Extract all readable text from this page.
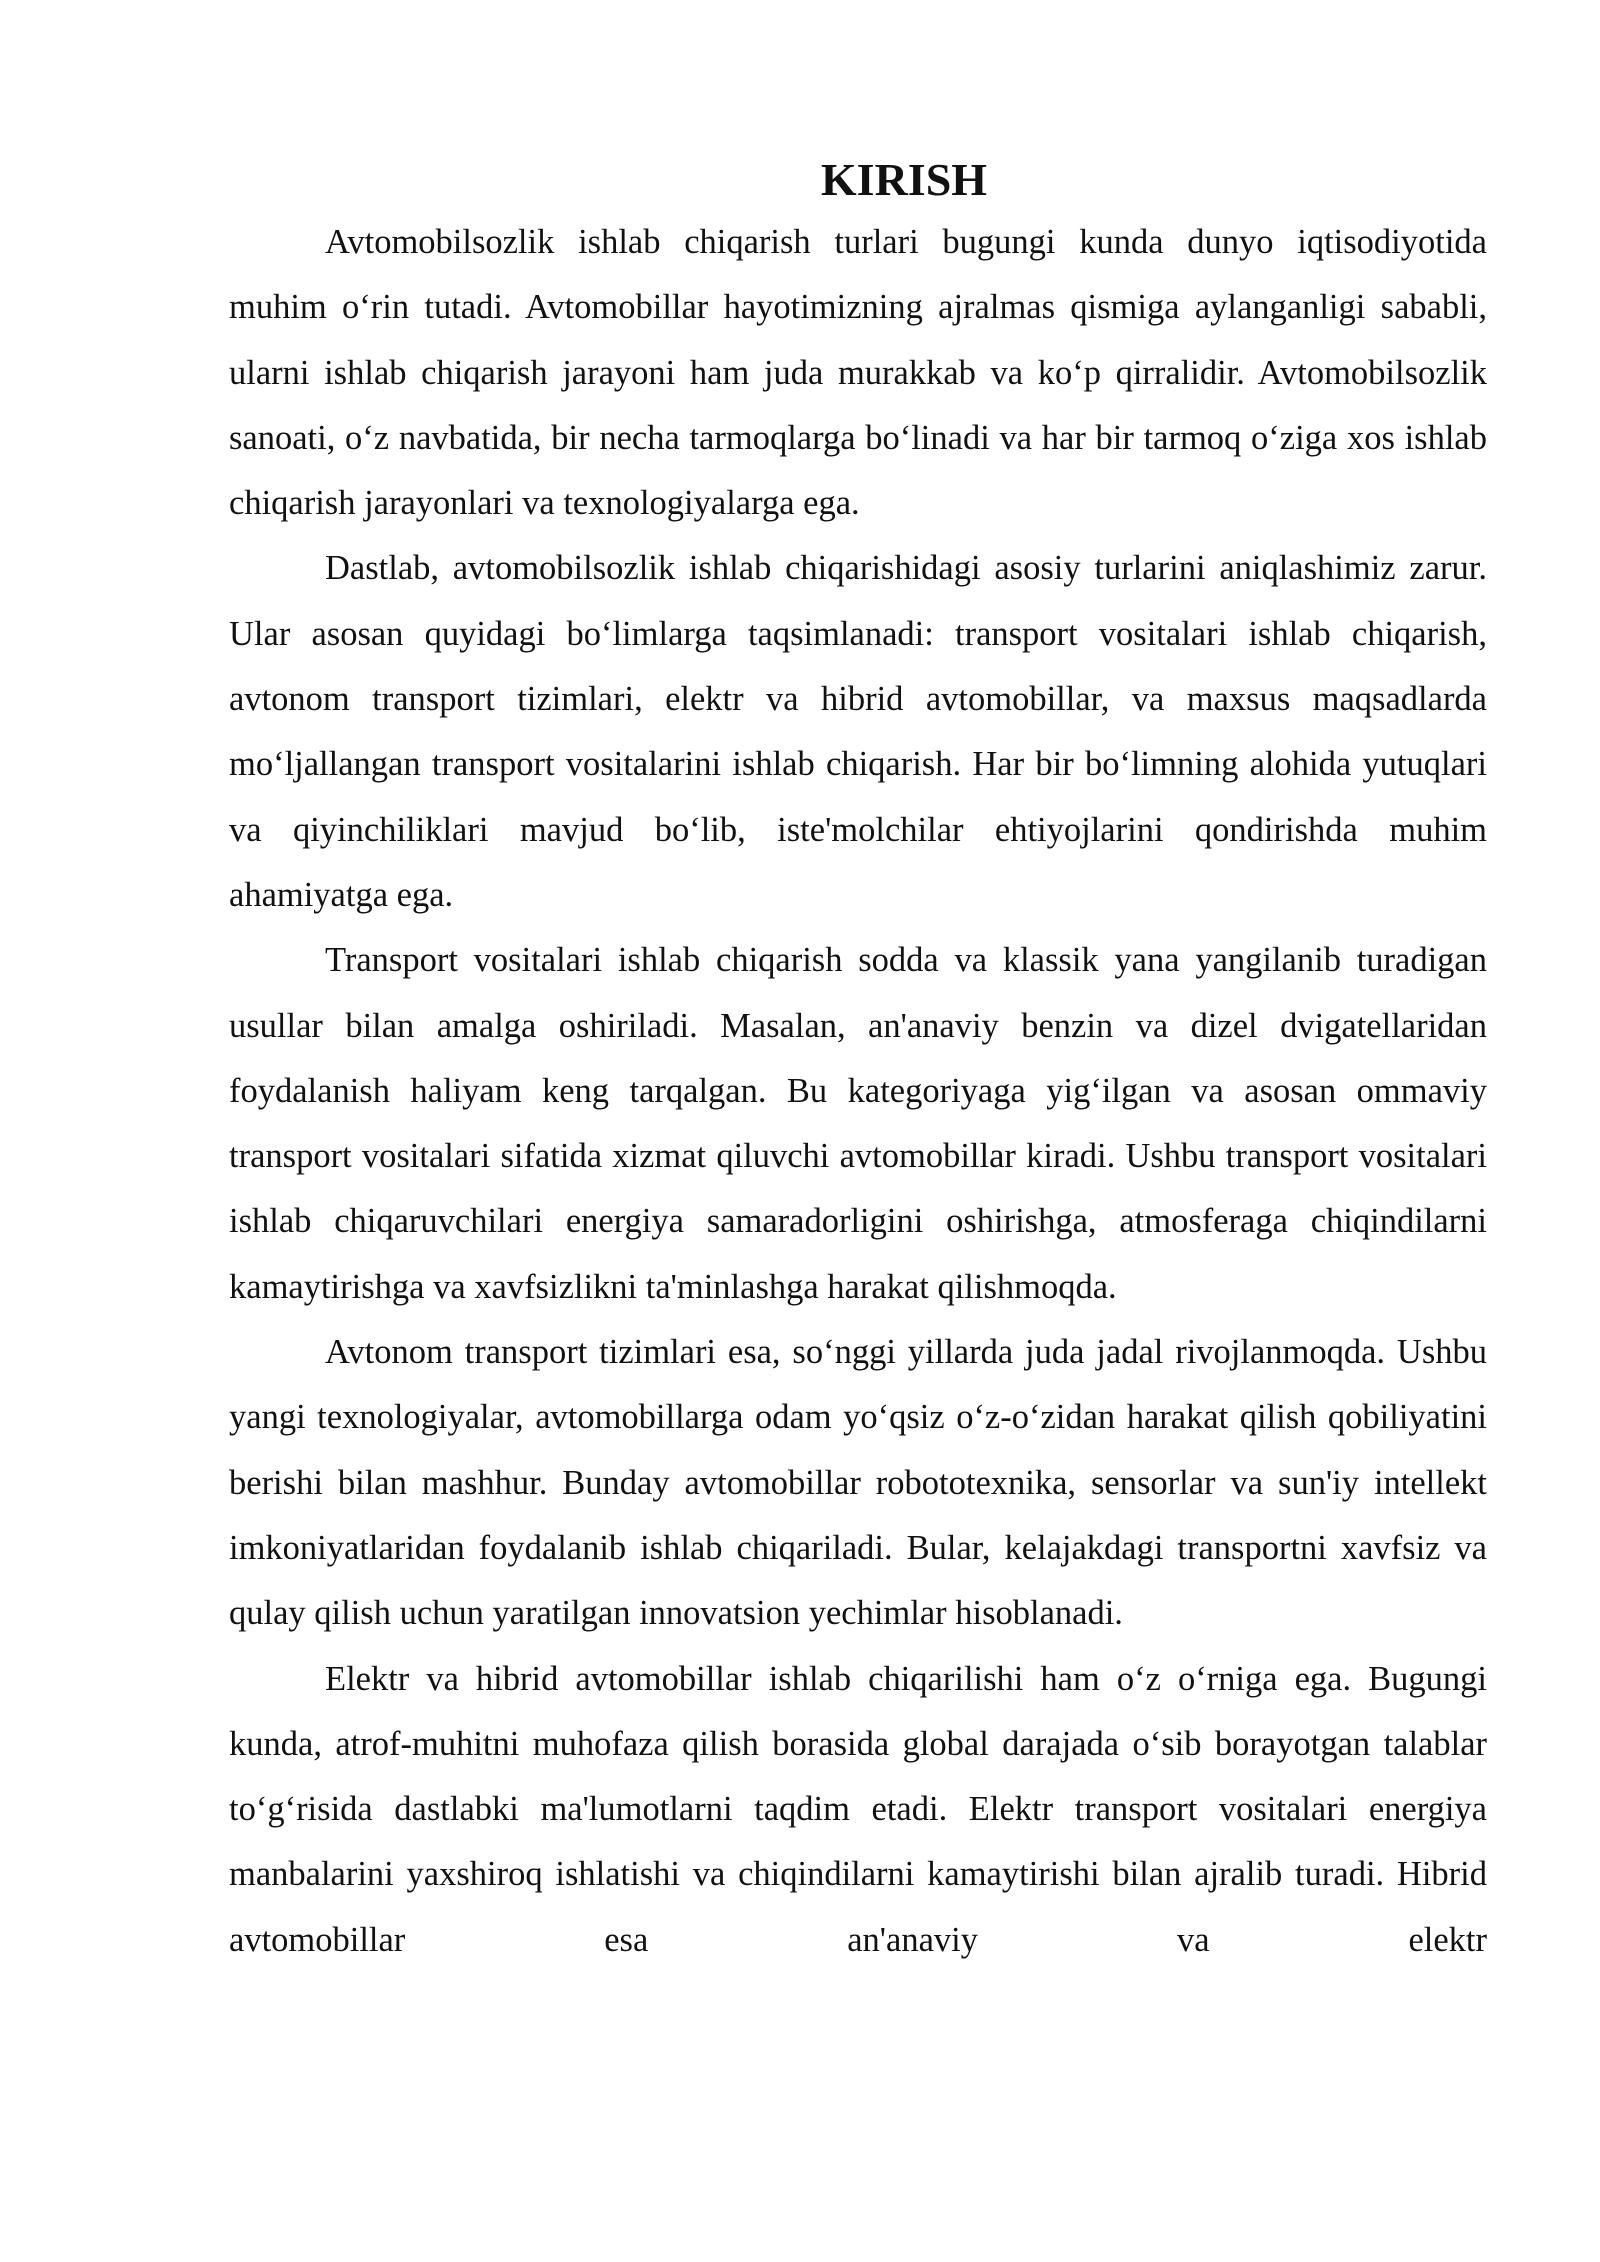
KIRISH

Avtomobilsozlik ishlab chiqarish turlari bugungi kunda dunyo iqtisodiyotida muhim o‘rin tutadi. Avtomobillar hayotimizning ajralmas qismiga aylanganligi sababli, ularni ishlab chiqarish jarayoni ham juda murakkab va ko‘p qirralidir. Avtomobilsozlik sanoati, o‘z navbatida, bir necha tarmoqlarga bo‘linadi va har bir tarmoq o‘ziga xos ishlab chiqarish jarayonlari va texnologiyalarga ega.

Dastlab, avtomobilsozlik ishlab chiqarishidagi asosiy turlarini aniqlashimiz zarur. Ular asosan quyidagi bo‘limlarga taqsimlanadi: transport vositalari ishlab chiqarish, avtonom transport tizimlari, elektr va hibrid avtomobillar, va maxsus maqsadlarda mo‘ljallangan transport vositalarini ishlab chiqarish. Har bir bo‘limning alohida yutuqlari va qiyinchiliklari mavjud bo‘lib, iste'molchilar ehtiyojlarini qondirishda muhim ahamiyatga ega.

Transport vositalari ishlab chiqarish sodda va klassik yana yangilanib turadigan usullar bilan amalga oshiriladi. Masalan, an'anaviy benzin va dizel dvigatellaridan foydalanish haliyam keng tarqalgan. Bu kategoriyaga yig‘ilgan va asosan ommaviy transport vositalari sifatida xizmat qiluvchi avtomobillar kiradi. Ushbu transport vositalari ishlab chiqaruvchilari energiya samaradorligini oshirishga, atmosferaga chiqindilarni kamaytirishga va xavfsizlikni ta'minlashga harakat qilishmoqda.

Avtonom transport tizimlari esa, so‘nggi yillarda juda jadal rivojlanmoqda. Ushbu yangi texnologiyalar, avtomobillarga odam yo‘qsiz o‘z-o‘zidan harakat qilish qobiliyatini berishi bilan mashhur. Bunday avtomobillar robototexnika, sensorlar va sun'iy intellekt imkoniyatlaridan foydalanib ishlab chiqariladi. Bular, kelajakdagi transportni xavfsiz va qulay qilish uchun yaratilgan innovatsion yechimlar hisoblanadi.

Elektr va hibrid avtomobillar ishlab chiqarilishi ham o‘z o‘rniga ega. Bugungi kunda, atrof-muhitni muhofaza qilish borasida global darajada o‘sib borayotgan talablar to‘g‘risida dastlabki ma'lumotlarni taqdim etadi. Elektr transport vositalari energiya manbalarini yaxshiroq ishlatishi va chiqindilarni kamaytirishi bilan ajralib turadi. Hibrid avtomobillar esa an'anaviy va elektr
